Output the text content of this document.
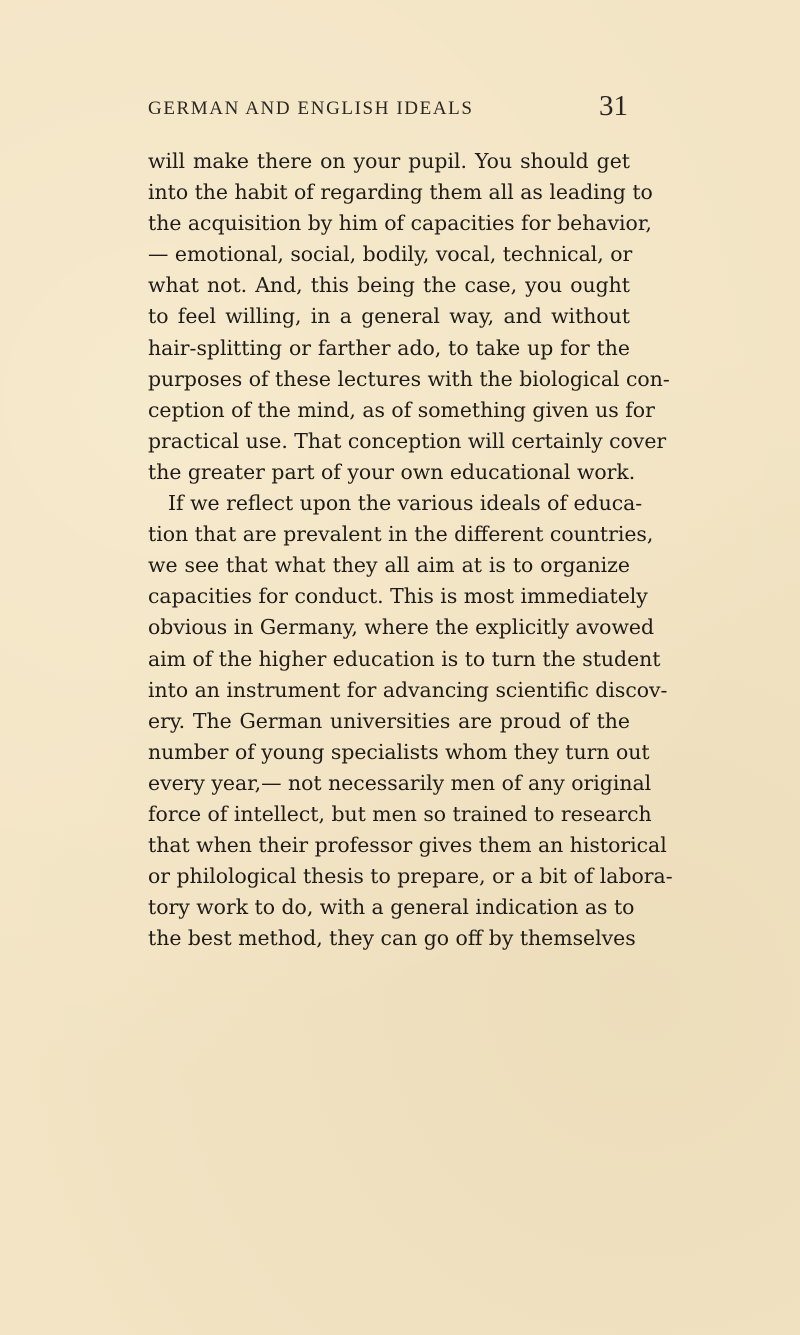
GERMAN AND ENGLISH IDEALS	31
will make there on your pupil. You should get
into the habit of regarding them all as leading to
the acquisition by him of capacities for behavior,
— emotional, social, bodily, vocal, technical, or
what not. And, this being the case, you ought
to feel willing, in a general way, and without
hair-splitting or farther ado, to take up for the
purposes of these lectures with the biological con-
ception of the mind, as of something given us for
practical use. That conception will certainly cover
the greater part of your own educational work.
If we reflect upon the various ideals of educa-
tion that are prevalent in the different countries,
we see that what they all aim at is to organize
capacities for conduct. This is most immediately
obvious in Germany, where the explicitly avowed
aim of the higher education is to turn the student
into an instrument for advancing scientific discov-
ery. The German universities are proud of the
number of young specialists whom they turn out
every year,— not necessarily men of any original
force of intellect, but men so trained to research
that when their professor gives them an historical
or philological thesis to prepare, or a bit of labora-
tory work to do, with a general indication as to
the best method, they can go off by themselves
